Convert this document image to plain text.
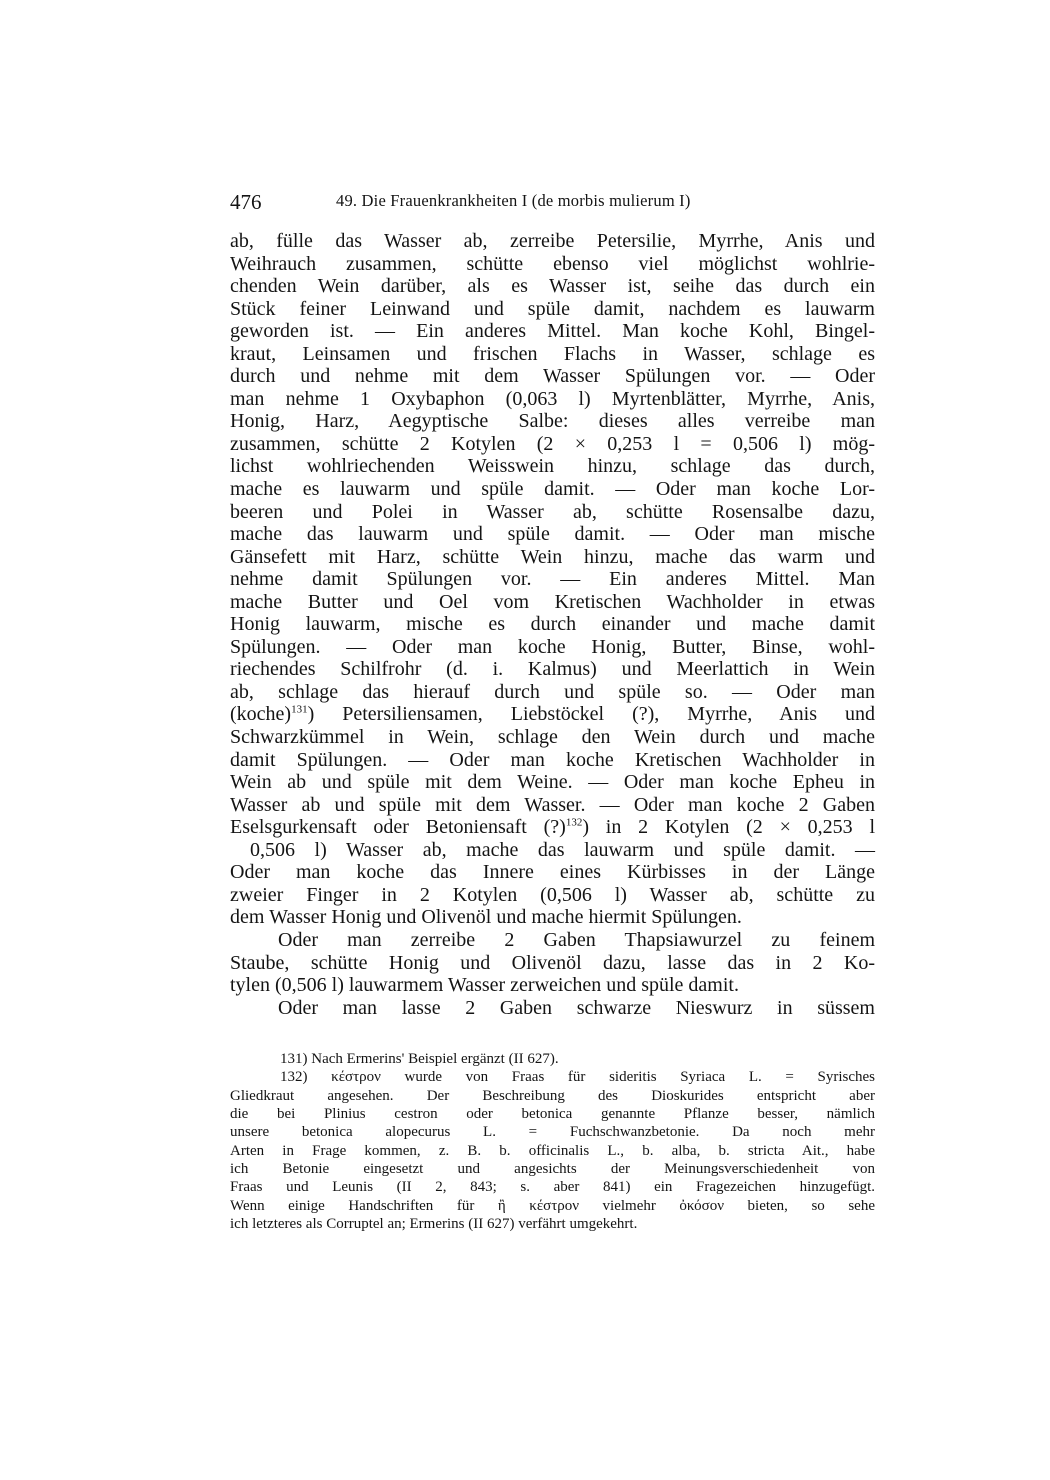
476	49. Die Frauenkrankheiten I (de morbis mulierum I)
ab, fülle das Wasser ab, zerreibe Petersilie, Myrrhe, Anis und
Weihrauch zusammen, schütte ebenso viel möglichst wohlrie-
chenden Wein darüber, als es Wasser ist, seihe das durch ein
Stück feiner Leinwand und spüle damit, nachdem es lauwarm
geworden ist. — Ein anderes Mittel. Man koche Kohl, Bingel-
kraut, Leinsamen und frischen Flachs in Wasser, schlage es
durch und nehme mit dem Wasser Spülungen vor. — Oder
man nehme 1 Oxybaphon (0,063 l) Myrtenblätter, Myrrhe, Anis,
Honig, Harz, Aegyptische Salbe: dieses alles verreibe man
zusammen, schütte 2 Kotylen (2 × 0,253 l = 0,506 l) mög-
lichst wohlriechenden Weisswein hinzu, schlage das durch,
mache es lauwarm und spüle damit. — Oder man koche Lor-
beeren und Polei in Wasser ab, schütte Rosensalbe dazu,
mache das lauwarm und spüle damit. — Oder man mische
Gänsefett mit Harz, schütte Wein hinzu, mache das warm und
nehme damit Spülungen vor. — Ein anderes Mittel. Man
mache Butter und Oel vom Kretischen Wachholder in etwas
Honig lauwarm, mische es durch einander und mache damit
Spülungen. — Oder man koche Honig, Butter, Binse, wohl-
riechendes Schilfrohr (d. i. Kalmus) und Meerlattich in Wein
ab, schlage das hierauf durch und spüle so. — Oder man
(koche)$^{131}$) Petersiliensamen, Liebstöckel (?), Myrrhe, Anis und
Schwarzkümmel in Wein, schlage den Wein durch und mache
damit Spülungen. — Oder man koche Kretischen Wachholder in
Wein ab und spüle mit dem Weine. — Oder man koche Epheu in
Wasser ab und spüle mit dem Wasser. — Oder man koche 2 Gaben
Eselsgurkensaft oder Betoniensaft (?)$^{132}$) in 2 Kotylen (2 × 0,253 l
0,506 l) Wasser ab, mache das lauwarm und spüle damit. —
Oder man koche das Innere eines Kürbisses in der Länge
zweier Finger in 2 Kotylen (0,506 l) Wasser ab, schütte zu
dem Wasser Honig und Olivenöl und mache hiermit Spülungen.
Oder man zerreibe 2 Gaben Thapsiawurzel zu feinem
Staube, schütte Honig und Olivenöl dazu, lasse das in 2 Ko-
tylen (0,506 l) lauwarmem Wasser zerweichen und spüle damit.
Oder man lasse 2 Gaben schwarze Nieswurz in süssem
131) Nach Ermerins' Beispiel ergänzt (II 627).
132) κέστρον wurde von Fraas für sideritis Syriaca L. = Syrisches
Gliedkraut angesehen. Der Beschreibung des Dioskurides entspricht aber
die bei Plinius cestron oder betonica genannte Pflanze besser, nämlich
unsere betonica alopecurus L. = Fuchschwanzbetonie. Da noch mehr
Arten in Frage kommen, z. B. b. officinalis L., b. alba, b. stricta Ait., habe
ich Betonie eingesetzt und angesichts der Meinungsverschiedenheit von
Fraas und Leunis (II 2, 843; s. aber 841) ein Fragezeichen hinzugefügt.
Wenn einige Handschriften für ἢ κέστρον vielmehr ὀκόσον bieten, so sehe
ich letzteres als Corruptel an; Ermerins (II 627) verfährt umgekehrt.
